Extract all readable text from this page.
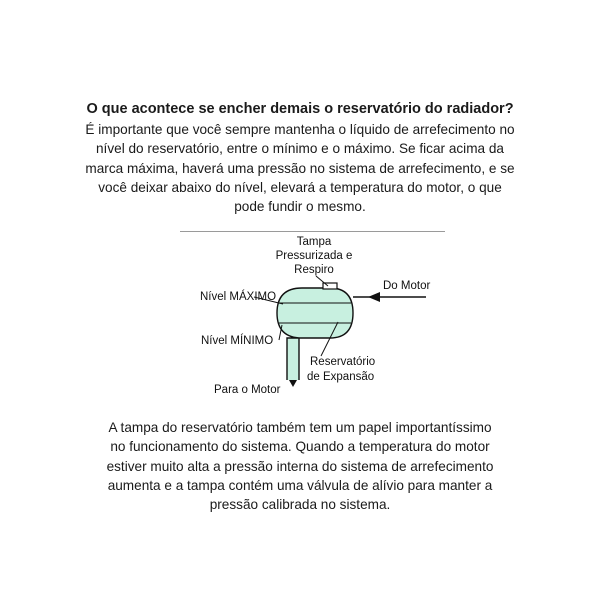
O que acontece se encher demais o reservatório do radiador?
É importante que você sempre mantenha o líquido de arrefecimento no
nível do reservatório, entre o mínimo e o máximo. Se ficar acima da
marca máxima, haverá uma pressão no sistema de arrefecimento, e se
você deixar abaixo do nível, elevará a temperatura do motor, o que
pode fundir o mesmo.
Tampa
Pressurizada e
Respiro
Do Motor
Nível MÁXIMO
Nível MÍNIMO
Reservatório
de Expansão
Para o Motor
A tampa do reservatório também tem um papel importantíssimo
no funcionamento do sistema. Quando a temperatura do motor
estiver muito alta a pressão interna do sistema de arrefecimento
aumenta e a tampa contém uma válvula de alívio para manter a
pressão calibrada no sistema.
